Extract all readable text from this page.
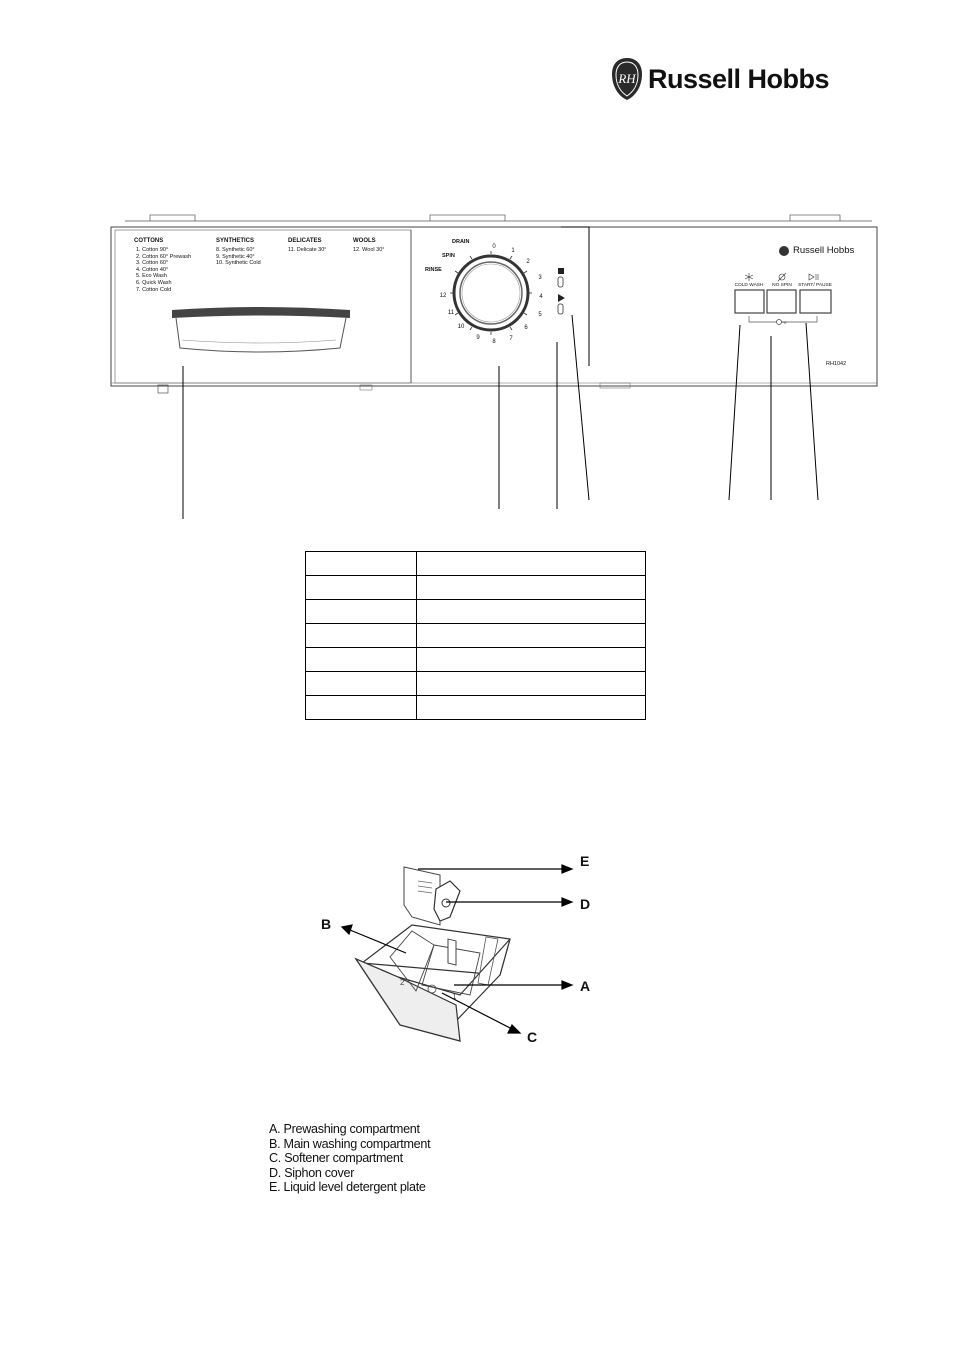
RH Russell Hobbs
COTTONS
1. Cotton 90°
2. Cotton 60° Prewash
3. Cotton 60°
4. Cotton 40°
5. Eco Wash
6. Quick Wash
7. Cotton Cold
SYNTHETICS
8. Synthetic 60°
9. Synthetic 40°
10. Synthetic Cold
DELICATES
11. Delicate 30°
WOOLS
12. Wool 30°	0
1
2
3
4
5
6
7
8
9
10
11
12
DRAIN
SPIN
RINSE
Russell Hobbs
COLD WASH	NO SPIN	START/ PAUSE
RH1042

2
1
E
D
B
A
C
A. Prewashing compartment
B. Main washing compartment
C. Softener compartment
D. Siphon cover
E. Liquid level detergent plate
